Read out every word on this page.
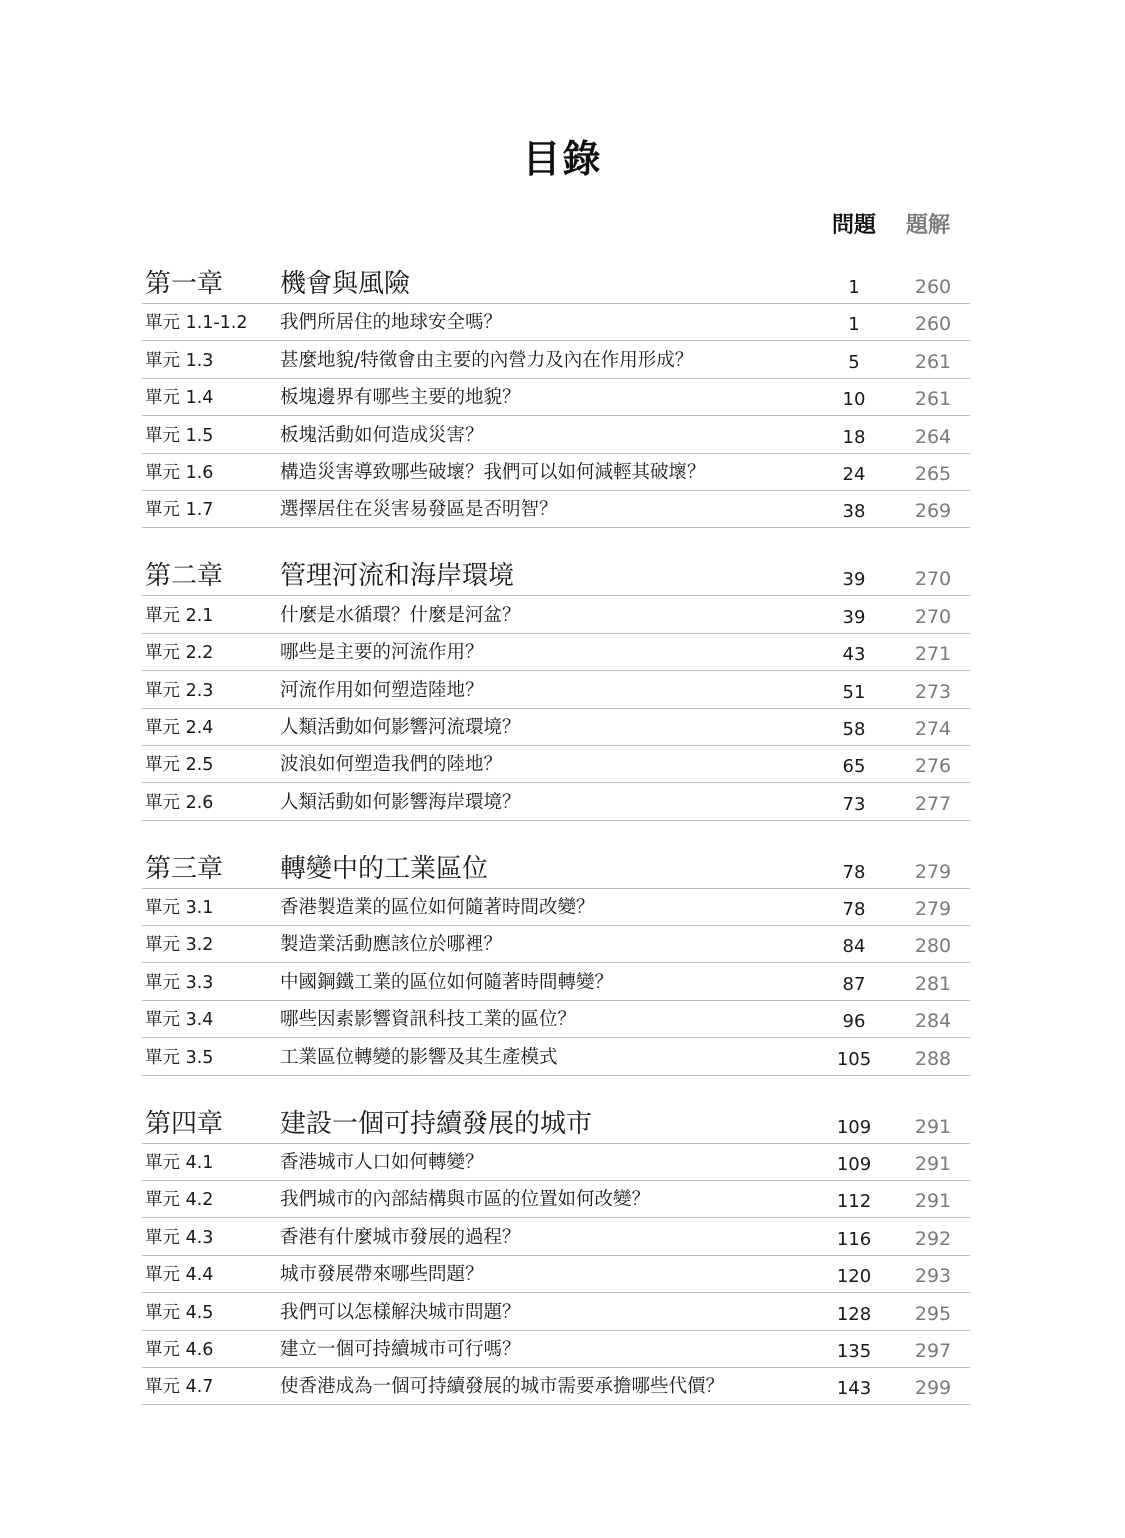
目錄
問題 題解
第一章	機會與風險	1	260
單元 1.1-1.2	我們所居住的地球安全嗎？	1	260
單元 1.3	甚麼地貌/特徵會由主要的內營力及內在作用形成？	5	261
單元 1.4	板塊邊界有哪些主要的地貌？	10	261
單元 1.5	板塊活動如何造成災害？	18	264
單元 1.6	構造災害導致哪些破壞？我們可以如何減輕其破壞？	24	265
單元 1.7	選擇居住在災害易發區是否明智？	38	269
第二章	管理河流和海岸環境	39	270
單元 2.1	什麼是水循環？什麼是河盆？	39	270
單元 2.2	哪些是主要的河流作用？	43	271
單元 2.3	河流作用如何塑造陸地？	51	273
單元 2.4	人類活動如何影響河流環境？	58	274
單元 2.5	波浪如何塑造我們的陸地？	65	276
單元 2.6	人類活動如何影響海岸環境？	73	277
第三章	轉變中的工業區位	78	279
單元 3.1	香港製造業的區位如何隨著時間改變？	78	279
單元 3.2	製造業活動應該位於哪裡？	84	280
單元 3.3	中國鋼鐵工業的區位如何隨著時間轉變？	87	281
單元 3.4	哪些因素影響資訊科技工業的區位？	96	284
單元 3.5	工業區位轉變的影響及其生產模式	105	288
第四章	建設一個可持續發展的城市	109	291
單元 4.1	香港城市人口如何轉變？	109	291
單元 4.2	我們城市的內部結構與市區的位置如何改變？	112	291
單元 4.3	香港有什麼城市發展的過程？	116	292
單元 4.4	城市發展帶來哪些問題？	120	293
單元 4.5	我們可以怎樣解決城市問題？	128	295
單元 4.6	建立一個可持續城市可行嗎？	135	297
單元 4.7	使香港成為一個可持續發展的城市需要承擔哪些代價？	143	299
